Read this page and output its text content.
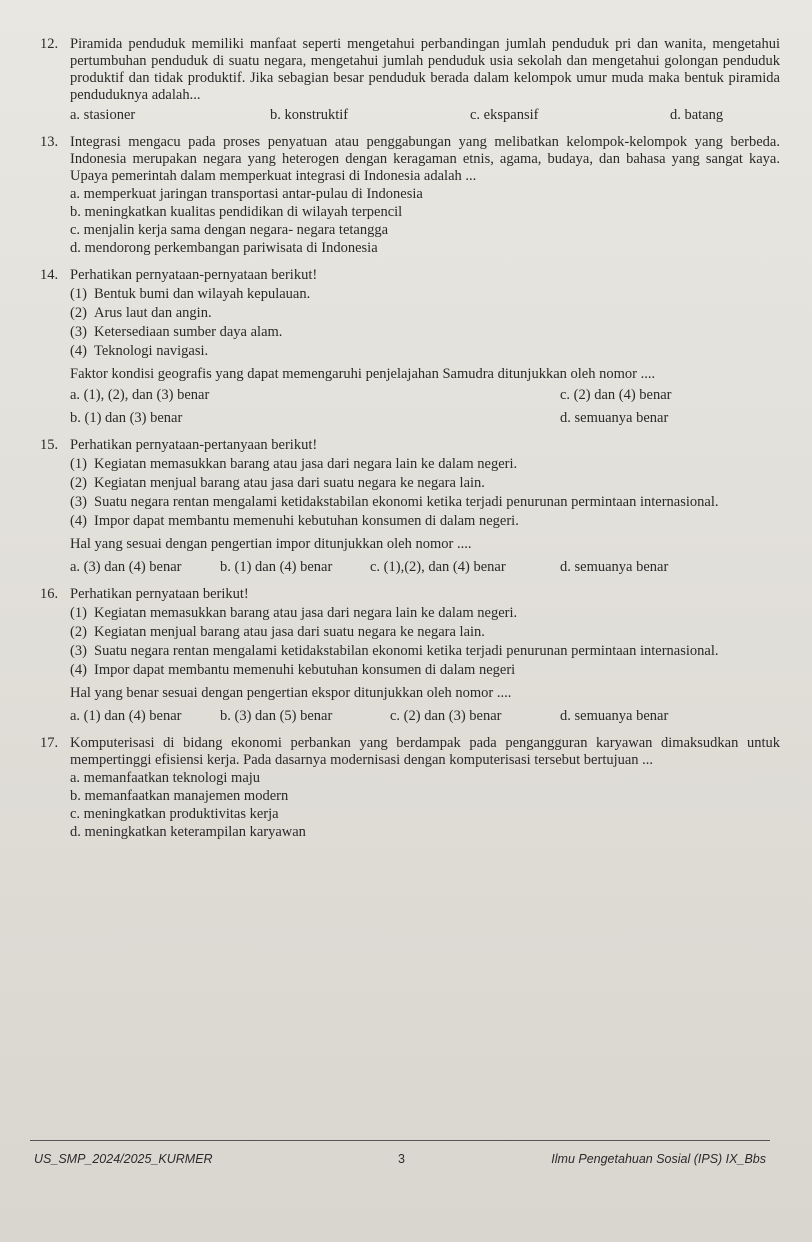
12. Piramida penduduk memiliki manfaat seperti mengetahui perbandingan jumlah penduduk pri dan wanita, mengetahui pertumbuhan penduduk di suatu negara, mengetahui jumlah penduduk usia sekolah dan mengetahui golongan penduduk produktif dan tidak produktif. Jika sebagian besar penduduk berada dalam kelompok umur muda maka bentuk piramida penduduknya adalah...
a. stasioner	b. konstruktif	c. ekspansif	d. batang
13. Integrasi mengacu pada proses penyatuan atau penggabungan yang melibatkan kelompok-kelompok yang berbeda. Indonesia merupakan negara yang heterogen dengan keragaman etnis, agama, budaya, dan bahasa yang sangat kaya. Upaya pemerintah dalam memperkuat integrasi di Indonesia adalah ...
a. memperkuat jaringan transportasi antar-pulau di Indonesia
b. meningkatkan kualitas pendidikan di wilayah terpencil
c. menjalin kerja sama dengan negara- negara tetangga
d. mendorong perkembangan pariwisata di Indonesia
14. Perhatikan pernyataan-pernyataan berikut!
(1) Bentuk bumi dan wilayah kepulauan.
(2) Arus laut dan angin.
(3) Ketersediaan sumber daya alam.
(4) Teknologi navigasi.
Faktor kondisi geografis yang dapat memengaruhi penjelajahan Samudra ditunjukkan oleh nomor ....
a. (1), (2), dan (3) benar	c. (2) dan (4) benar
b. (1) dan (3) benar	d. semuanya benar
15. Perhatikan pernyataan-pertanyaan berikut!
(1) Kegiatan memasukkan barang atau jasa dari negara lain ke dalam negeri.
(2) Kegiatan menjual barang atau jasa dari suatu negara ke negara lain.
(3) Suatu negara rentan mengalami ketidakstabilan ekonomi ketika terjadi penurunan permintaan internasional.
(4) Impor dapat membantu memenuhi kebutuhan konsumen di dalam negeri.
Hal yang sesuai dengan pengertian impor ditunjukkan oleh nomor ....
a. (3) dan (4) benar	b. (1) dan (4) benar	c. (1),(2), dan (4) benar	d. semuanya benar
16. Perhatikan pernyataan berikut!
(1) Kegiatan memasukkan barang atau jasa dari negara lain ke dalam negeri.
(2) Kegiatan menjual barang atau jasa dari suatu negara ke negara lain.
(3) Suatu negara rentan mengalami ketidakstabilan ekonomi ketika terjadi penurunan permintaan internasional.
(4) Impor dapat membantu memenuhi kebutuhan konsumen di dalam negeri
Hal yang benar sesuai dengan pengertian ekspor ditunjukkan oleh nomor ....
a. (1) dan (4) benar	b. (3) dan (5) benar	c. (2) dan (3) benar	d. semuanya benar
17. Komputerisasi di bidang ekonomi perbankan yang berdampak pada pengangguran karyawan dimaksudkan untuk mempertinggi efisiensi kerja. Pada dasarnya modernisasi dengan komputerisasi tersebut bertujuan ...
a. memanfaatkan teknologi maju
b. memanfaatkan manajemen modern
c. meningkatkan produktivitas kerja
d. meningkatkan keterampilan karyawan
US_SMP_2024/2025_KURMER	3	Ilmu Pengetahuan Sosial (IPS) IX_Bbs
